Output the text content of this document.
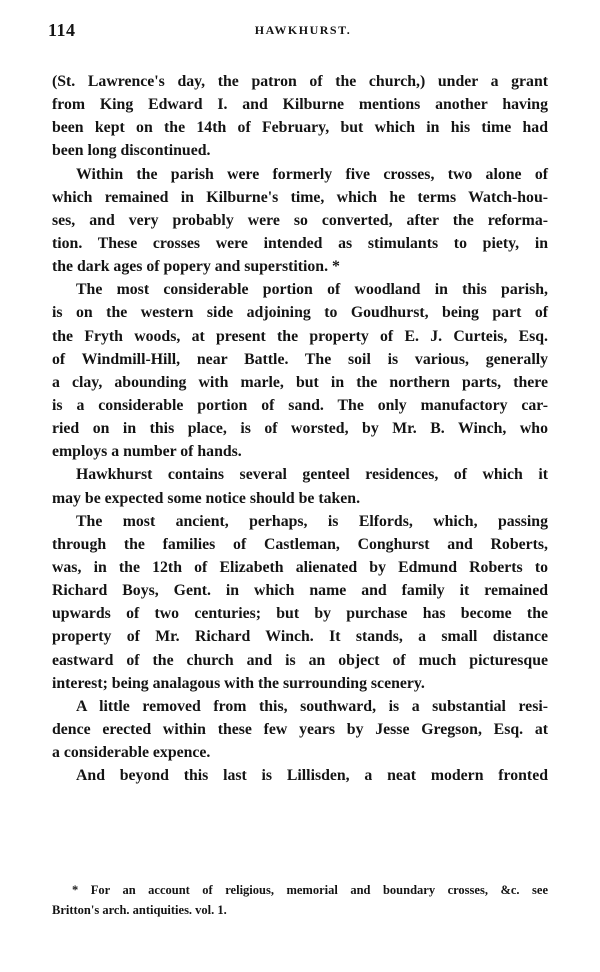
114	HAWKHURST.
(St. Lawrence's day, the patron of the church,) under a grant
from King Edward I. and Kilburne mentions another having
been kept on the 14th of February, but which in his time had
been long discontinued.
Within the parish were formerly five crosses, two alone of
which remained in Kilburne's time, which he terms Watch-hou-
ses, and very probably were so converted, after the reforma-
tion. These crosses were intended as stimulants to piety, in
the dark ages of popery and superstition. *
The most considerable portion of woodland in this parish,
is on the western side adjoining to Goudhurst, being part of
the Fryth woods, at present the property of E. J. Curteis, Esq.
of Windmill-Hill, near Battle. The soil is various, generally
a clay, abounding with marle, but in the northern parts, there
is a considerable portion of sand. The only manufactory car-
ried on in this place, is of worsted, by Mr. B. Winch, who
employs a number of hands.
Hawkhurst contains several genteel residences, of which it
may be expected some notice should be taken.
The most ancient, perhaps, is Elfords, which, passing
through the families of Castleman, Conghurst and Roberts,
was, in the 12th of Elizabeth alienated by Edmund Roberts to
Richard Boys, Gent. in which name and family it remained
upwards of two centuries; but by purchase has become the
property of Mr. Richard Winch. It stands, a small distance
eastward of the church and is an object of much picturesque
interest; being analagous with the surrounding scenery.
A little removed from this, southward, is a substantial resi-
dence erected within these few years by Jesse Gregson, Esq. at
a considerable expence.
And beyond this last is Lillisden, a neat modern fronted
* For an account of religious, memorial and boundary crosses, &c. see
Britton's arch. antiquities. vol. 1.
